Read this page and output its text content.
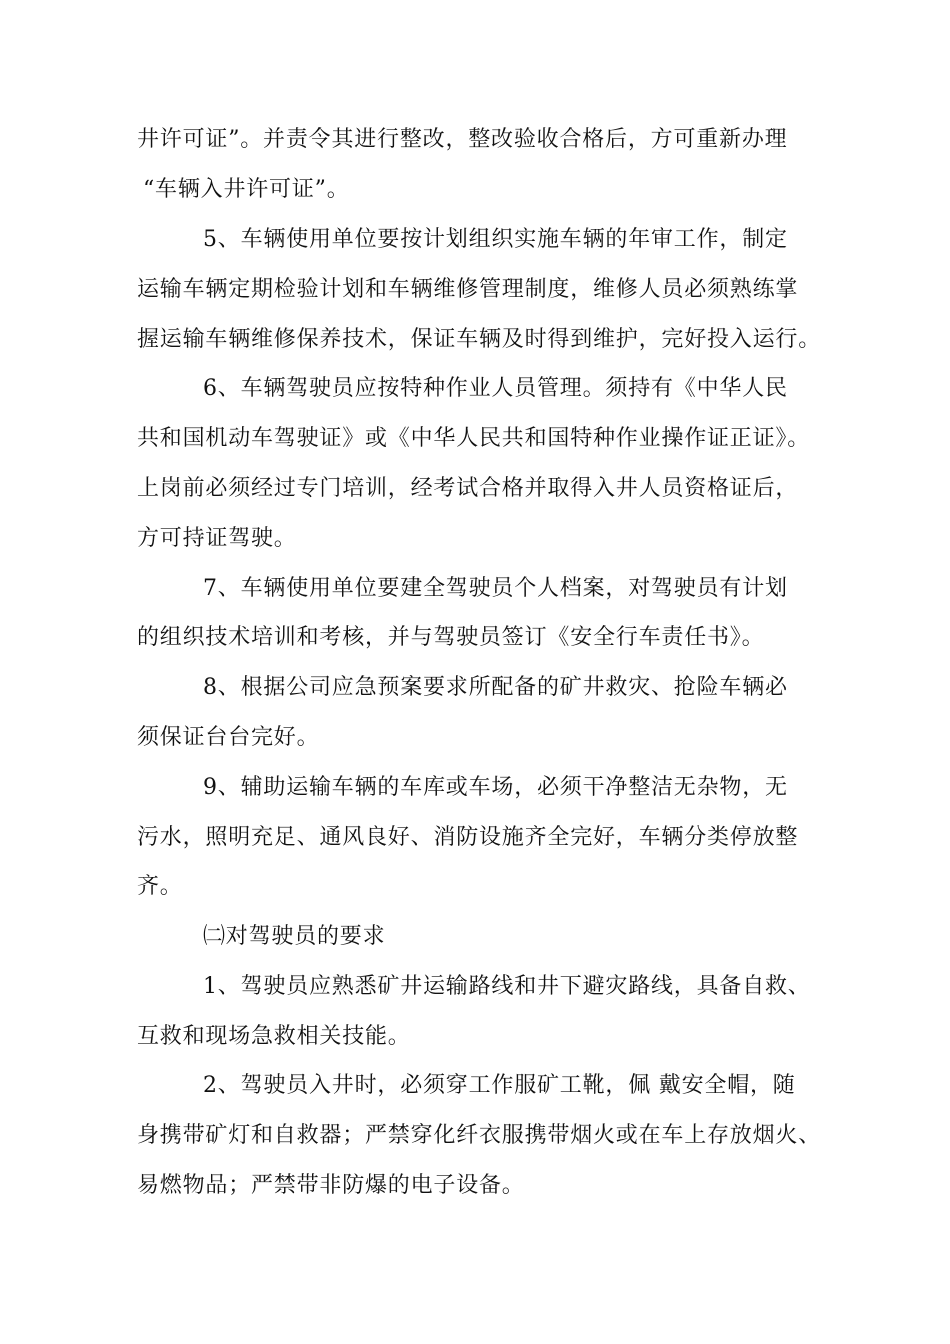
井许可证”。并责令其进行整改，整改验收合格后，方可重新办理

“车辆入井许可证”。

5、车辆使用单位要按计划组织实施车辆的年审工作，制定

运输车辆定期检验计划和车辆维修管理制度，维修人员必须熟练掌

握运输车辆维修保养技术，保证车辆及时得到维护，完好投入运行。

6、车辆驾驶员应按特种作业人员管理。须持有《中华人民

共和国机动车驾驶证》或《中华人民共和国特种作业操作证正证》。

上岗前必须经过专门培训，经考试合格并取得入井人员资格证后，

方可持证驾驶。

7、车辆使用单位要建全驾驶员个人档案，对驾驶员有计划

的组织技术培训和考核，并与驾驶员签订《安全行车责任书》。

8、根据公司应急预案要求所配备的矿井救灾、抢险车辆必

须保证台台完好。

9、辅助运输车辆的车库或车场，必须干净整洁无杂物，无

污水，照明充足、通风良好、消防设施齐全完好，车辆分类停放整

齐。

㈡对驾驶员的要求

1、驾驶员应熟悉矿井运输路线和井下避灾路线，具备自救、

互救和现场急救相关技能。

2、驾驶员入井时，必须穿工作服矿工靴，佩 戴安全帽，随

身携带矿灯和自救器；严禁穿化纤衣服携带烟火或在车上存放烟火、

易燃物品；严禁带非防爆的电子设备。
